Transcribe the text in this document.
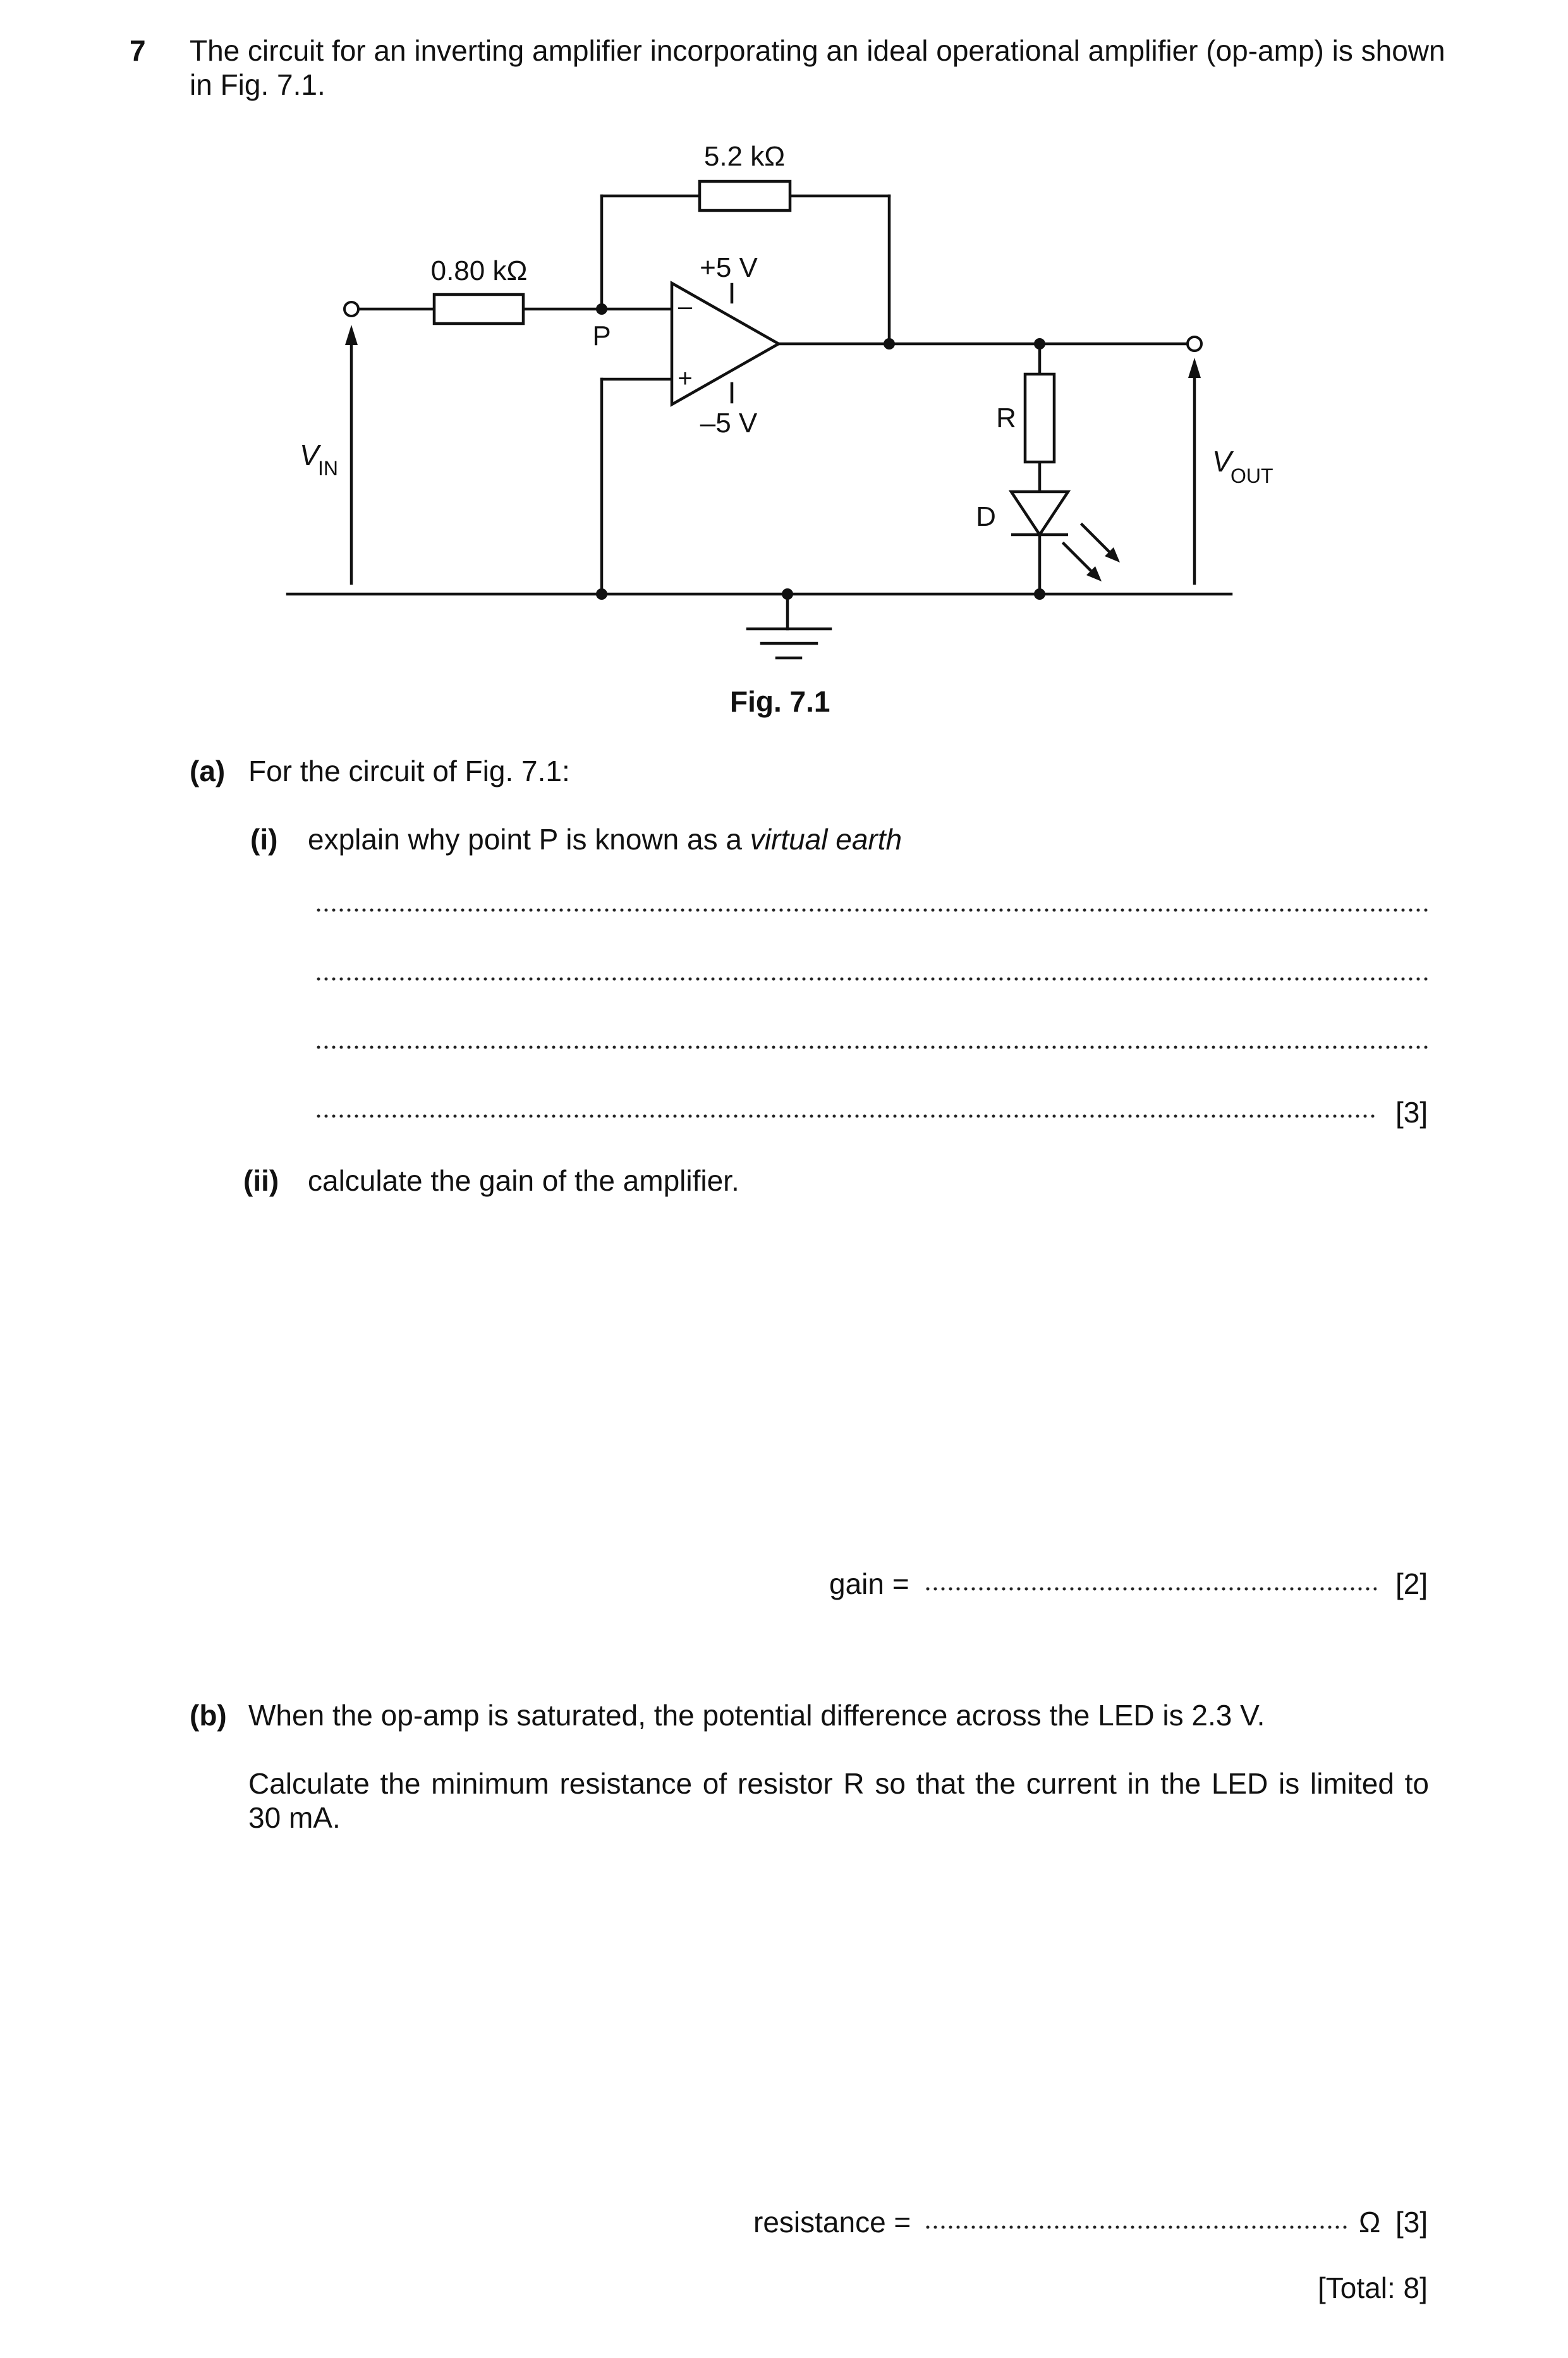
7 The circuit for an inverting amplifier incorporating an ideal operational amplifier (op-amp) is shown
in Fig. 7.1.
5.2 kΩ
0.80 kΩ	+5 V
–5 V
P
–
+
R
D
V
IN	V
OUT
Fig. 7.1
(a) For the circuit of Fig. 7.1:
(i) explain why point P is known as a virtual earth
[3]
(ii) calculate the gain of the amplifier.
gain =	[2]
(b) When the op-amp is saturated, the potential difference across the LED is 2.3 V.
Calculate the minimum resistance of resistor R so that the current in the LED is limited to
30 mA.
resistance =	Ω [3]
[Total: 8]
